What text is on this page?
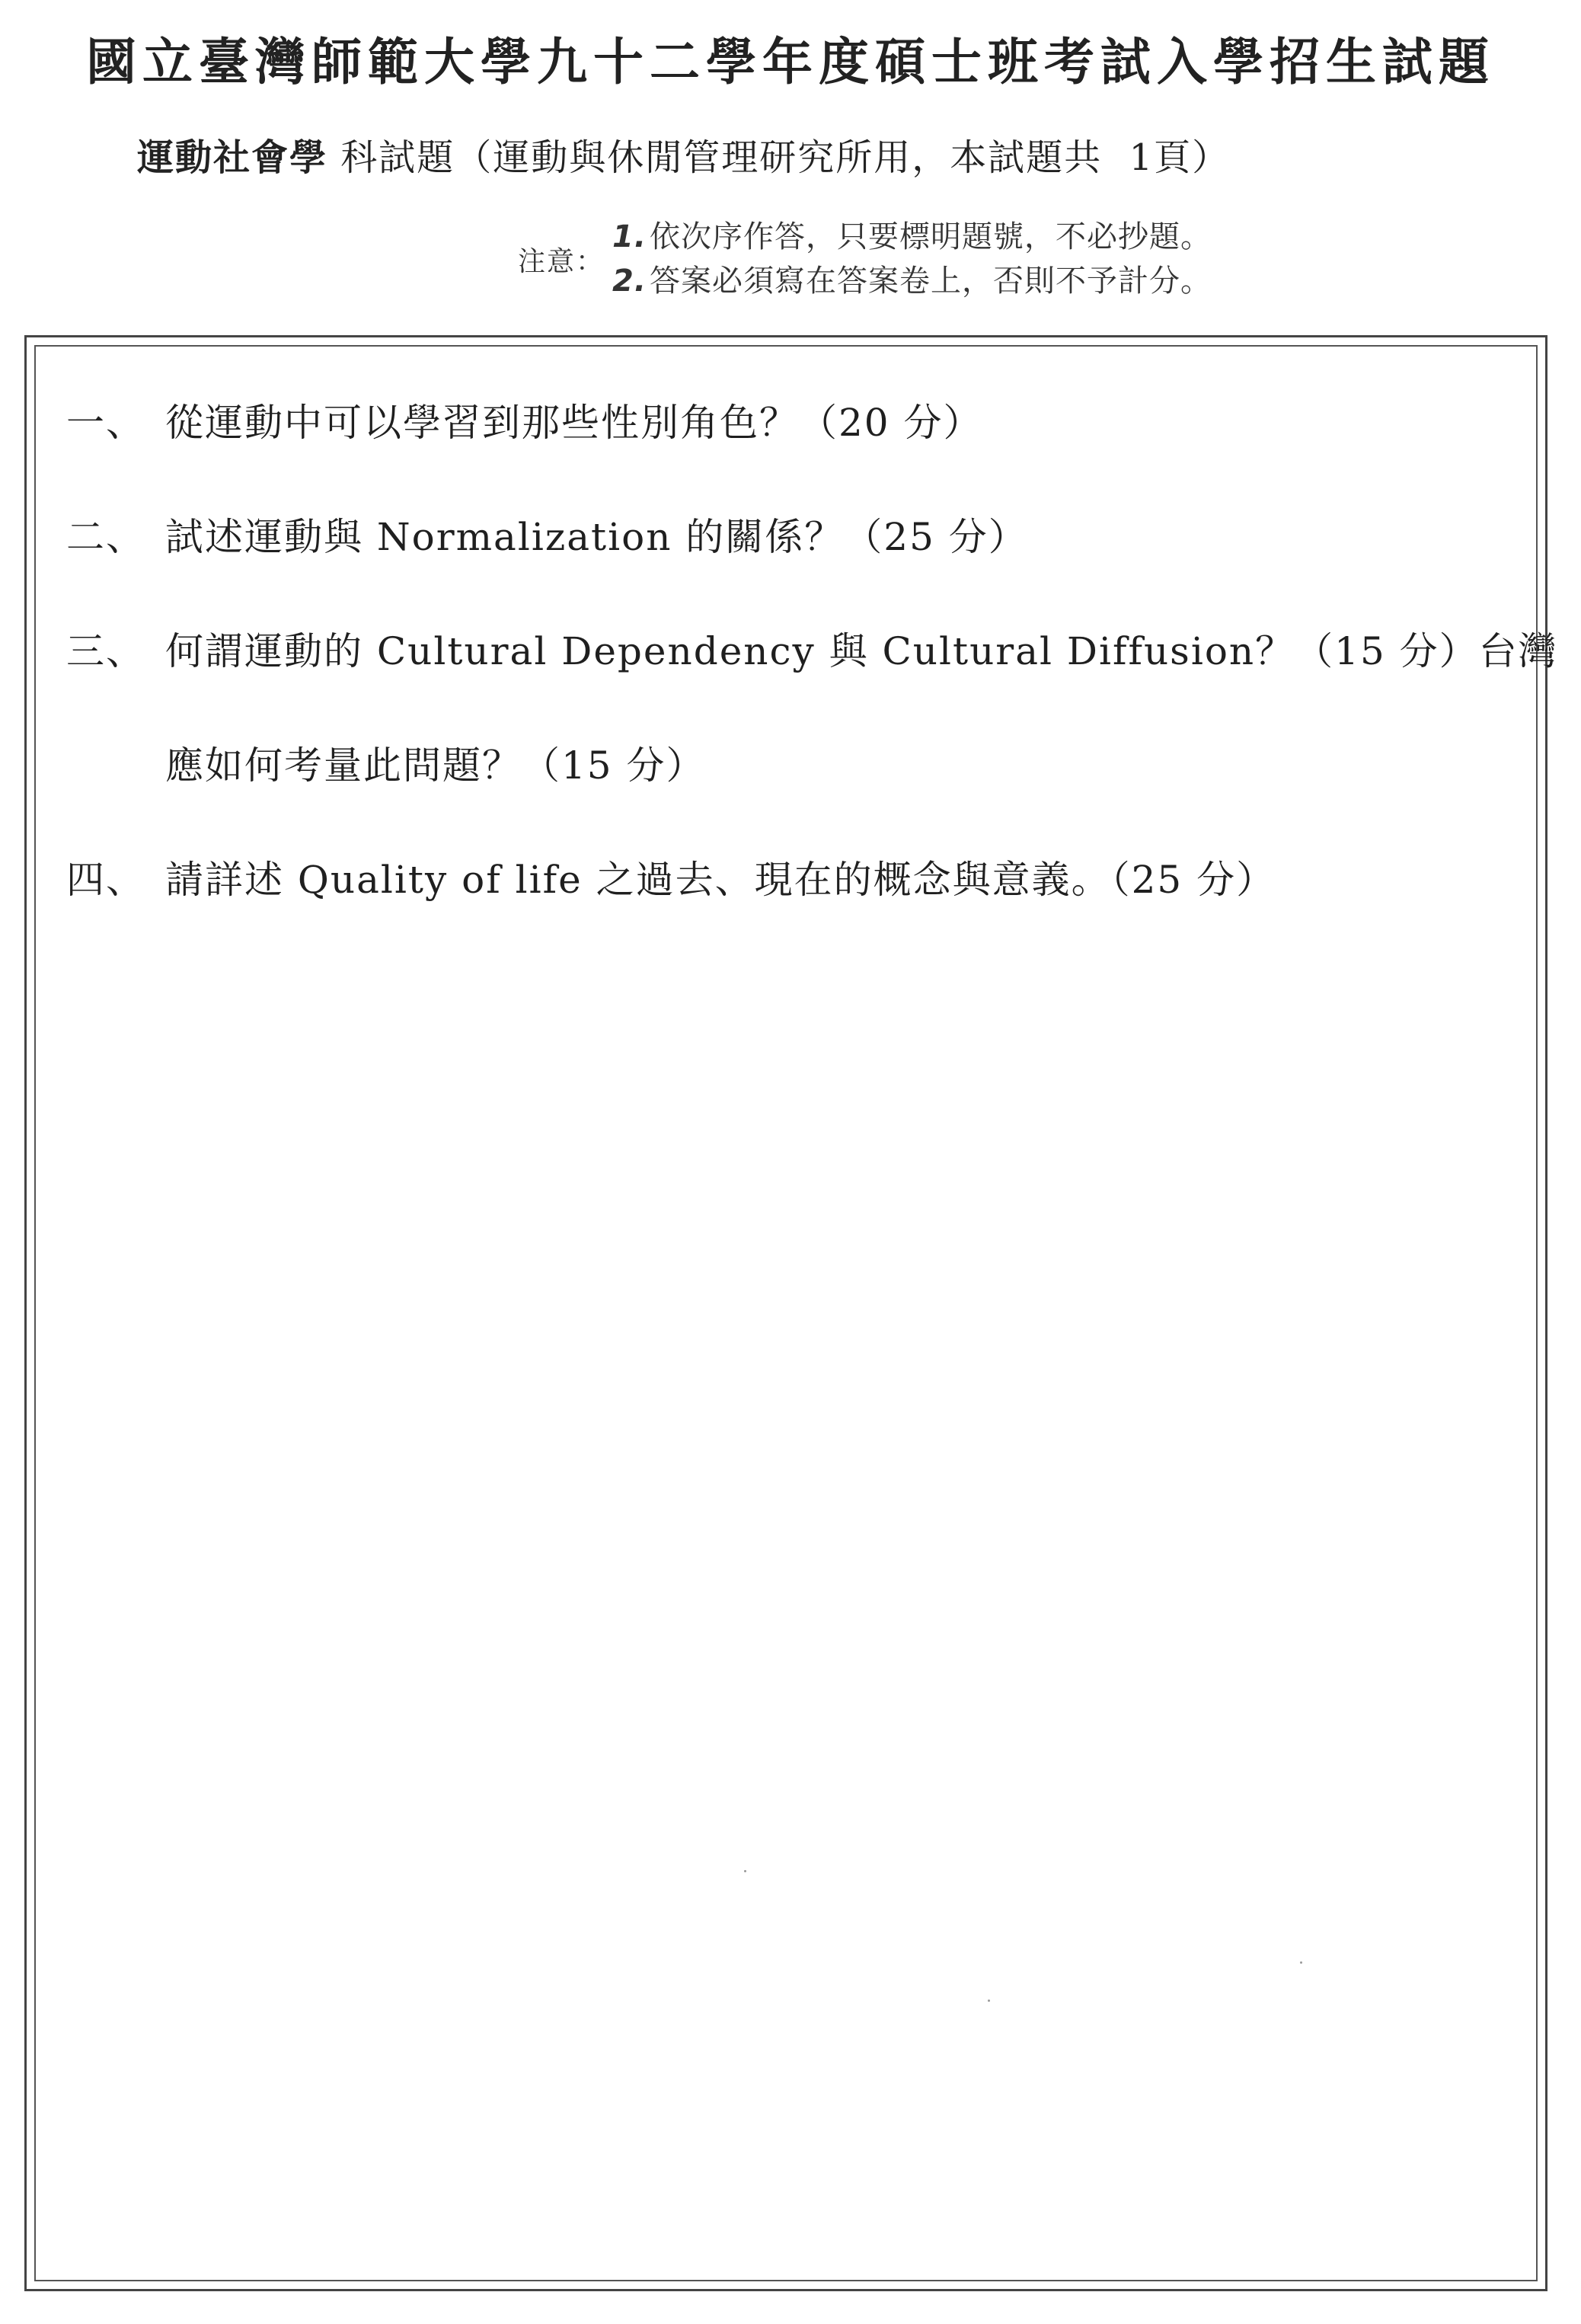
國立臺灣師範大學九十二學年度碩士班考試入學招生試題
運動社會學 科試題（運動與休閒管理研究所用，本試題共 1頁）
注意：
1. 依次序作答，只要標明題號，不必抄題。
2. 答案必須寫在答案卷上，否則不予計分。
一、 從運動中可以學習到那些性別角色？（20 分）
二、 試述運動與 Normalization 的關係？（25 分）
三、 何謂運動的 Cultural Dependency 與 Cultural Diffusion？（15 分）台灣
應如何考量此問題？（15 分）
四、 請詳述 Quality of life 之過去、現在的概念與意義。（25 分）
